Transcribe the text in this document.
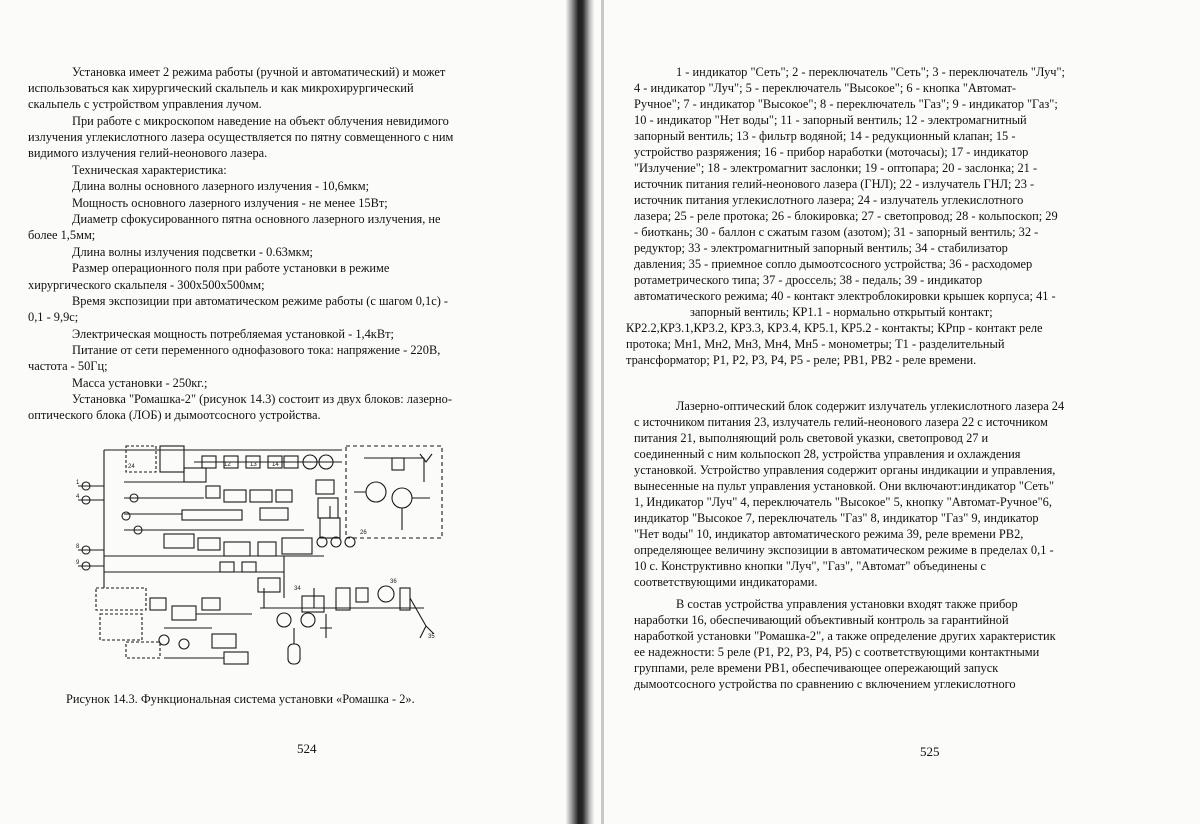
Установка имеет 2 режима работы (ручной и автоматический) и может
использоваться как хирургический скальпель и как микрохирургический
скальпель с устройством управления лучом.
При работе с микроскопом наведение на объект облучения невидимого
излучения углекислотного лазера осуществляется по пятну совмещенного с ним
видимого излучения гелий-неонового лазера.
Техническая характеристика:
Длина волны основного лазерного излучения - 10,6мкм;
Мощность основного лазерного излучения - не менее 15Вт;
Диаметр сфокусированного пятна основного лазерного излучения, не
более 1,5мм;
Длина волны излучения подсветки - 0.63мкм;
Размер операционного поля при работе установки в режиме
хирургического скальпеля - 300х500х500мм;
Время экспозиции при автоматическом режиме работы (с шагом 0,1с) -
0,1 - 9,9с;
Электрическая мощность потребляемая установкой - 1,4кВт;
Питание от сети переменного однофазового тока: напряжение - 220В,
частота - 50Гц;
Масса установки - 250кг.;
Установка "Ромашка-2" (рисунок 14.3) состоит из двух блоков: лазерно-
оптического блока (ЛОБ) и дымоотсосного устройства.
26
24	12	13	14
1
4
8
9
36
34
35
Рисунок 14.3. Функциональная система установки «Ромашка - 2».
524
1 - индикатор "Сеть"; 2 - переключатель "Сеть"; 3 - переключатель "Луч";
4 - индикатор "Луч"; 5 - переключатель "Высокое"; 6 - кнопка "Автомат-
Ручное"; 7 - индикатор "Высокое"; 8 - переключатель "Газ"; 9 - индикатор "Газ";
10 - индикатор "Нет воды"; 11 - запорный вентиль; 12 - электромагнитный
запорный вентиль; 13 - фильтр водяной; 14 - редукционный клапан; 15 -
устройство разряжения; 16 - прибор наработки (моточасы); 17 - индикатор
"Излучение"; 18 - электромагнит заслонки; 19 - оптопара; 20 - заслонка; 21 -
источник питания гелий-неонового лазера (ГНЛ); 22 - излучатель ГНЛ; 23 -
источник питания углекислотного лазера; 24 - излучатель углекислотного
лазера; 25 - реле протока; 26 - блокировка; 27 - светопровод; 28 - кольпоскоп; 29
- биоткань; 30 - баллон с сжатым газом (азотом); 31 - запорный вентиль; 32 -
редуктор; 33 - электромагнитный запорный вентиль; 34 - стабилизатор
давления; 35 - приемное сопло дымоотсосного устройства; 36 - расходомер
ротаметрического типа; 37 - дроссель; 38 - педаль; 39 - индикатор
автоматического режима; 40 - контакт электроблокировки крышек корпуса; 41 -
запорный вентиль; КР1.1 - нормально открытый контакт;
КР2.2,КР3.1,КР3.2, КР3.3, КР3.4, КР5.1, КР5.2 - контакты; КРпр - контакт реле
протока; Мн1, Мн2, Мн3, Мн4, Мн5 - монометры; Т1 - разделительный
трансформатор; Р1, Р2, Р3, Р4, Р5 - реле; РВ1, РВ2 - реле времени.
Лазерно-оптический блок содержит излучатель углекислотного лазера 24
с источником питания 23, излучатель гелий-неонового лазера 22 с источником
питания 21, выполняющий роль световой указки, светопровод 27 и
соединенный с ним кольпоскоп 28, устройства управления и охлаждения
установкой. Устройство управления содержит органы индикации и управления,
вынесенные на пульт управления установкой. Они включают:индикатор "Сеть"
1, Индикатор "Луч" 4, переключатель "Высокое" 5, кнопку "Автомат-Ручное"6,
индикатор "Высокое 7, переключатель "Газ" 8, индикатор "Газ" 9, индикатор
"Нет воды" 10, индикатор автоматического режима 39, реле времени РВ2,
определяющее величину экспозиции в автоматическом режиме в пределах 0,1 -
10 с. Конструктивно кнопки "Луч", "Газ", "Автомат" объединены с
соответствующими индикаторами.
В состав устройства управления установки входят также прибор
наработки 16, обеспечивающий объективный контроль за гарантийной
наработкой установки "Ромашка-2", а также определение других характеристик
ее надежности: 5 реле (Р1, Р2, Р3, Р4, Р5) с соответствующими контактными
группами, реле времени РВ1, обеспечивающее опережающий запуск
дымоотсосного устройства по сравнению с включением углекислотного
525
